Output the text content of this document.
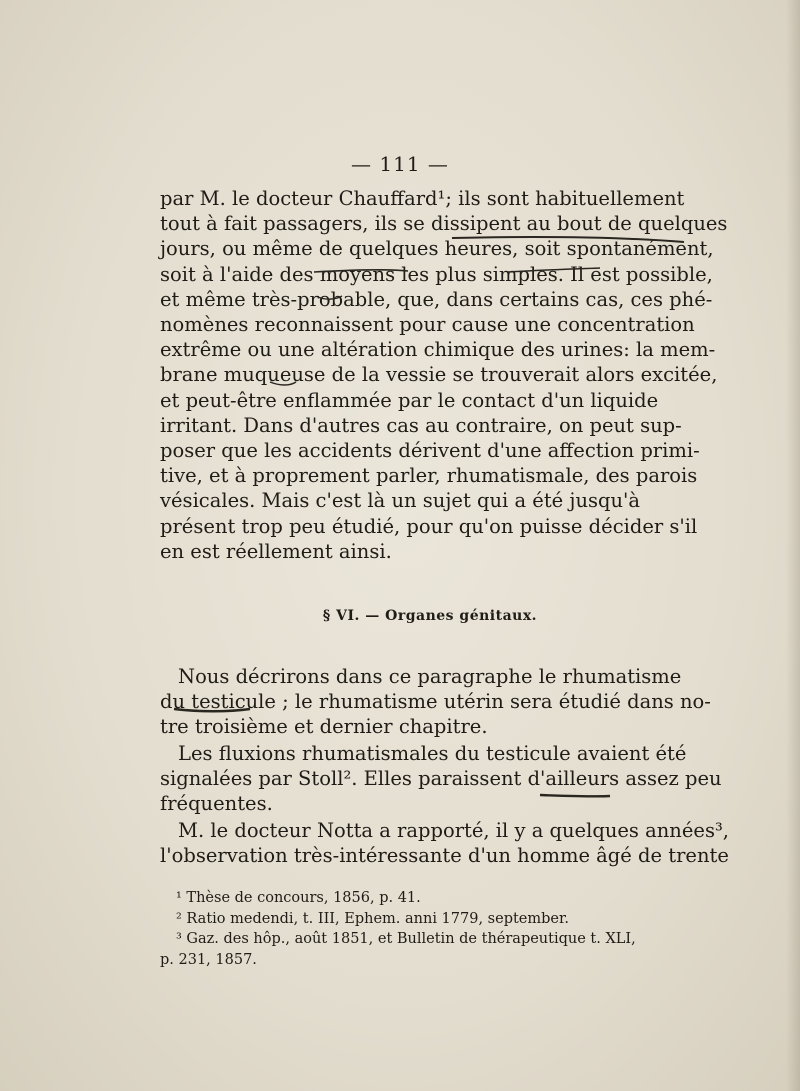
— 111 —

par M. le docteur Chauffard¹; ils sont habituellement
tout à fait passagers, ils se dissipent au bout de quelques
jours, ou même de quelques heures, soit spontanément,
soit à l'aide des moyens les plus simples. Il est possible,
et même très-probable, que, dans certains cas, ces phé-
nomènes reconnaissent pour cause une concentration
extrême ou une altération chimique des urines: la mem-
brane muqueuse de la vessie se trouverait alors excitée,
et peut-être enflammée par le contact d'un liquide
irritant. Dans d'autres cas au contraire, on peut sup-
poser que les accidents dérivent d'une affection primi-
tive, et à proprement parler, rhumatismale, des parois
vésicales. Mais c'est là un sujet qui a été jusqu'à
présent trop peu étudié, pour qu'on puisse décider s'il
en est réellement ainsi.

§ VI. — Organes génitaux.

Nous décrirons dans ce paragraphe le rhumatisme
du testicule ; le rhumatisme utérin sera étudié dans no-
tre troisième et dernier chapitre.
Les fluxions rhumatismales du testicule avaient été
signalées par Stoll². Elles paraissent d'ailleurs assez peu
fréquentes.
M. le docteur Notta a rapporté, il y a quelques années³,
l'observation très-intéressante d'un homme âgé de trente
¹ Thèse de concours, 1856, p. 41.
² Ratio medendi, t. III, Ephem. anni 1779, september.
³ Gaz. des hôp., août 1851, et Bulletin de thérapeutique t. XLI,
p. 231, 1857.
